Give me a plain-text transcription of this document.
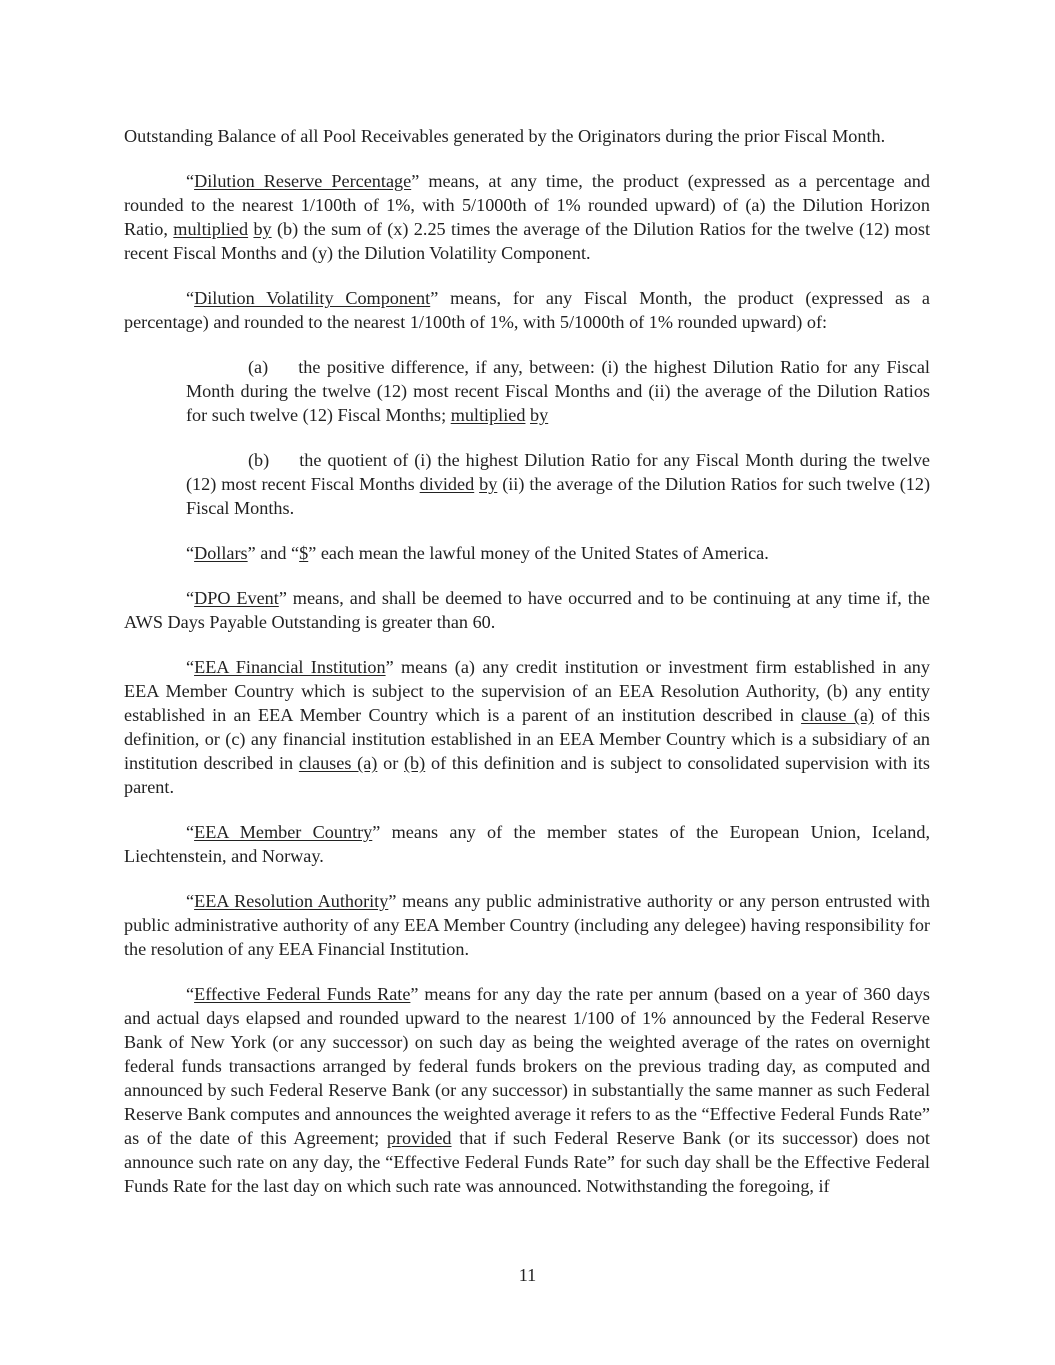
Outstanding Balance of all Pool Receivables generated by the Originators during the prior Fiscal Month.

“Dilution Reserve Percentage” means, at any time, the product (expressed as a percentage and rounded to the nearest 1/100th of 1%, with 5/1000th of 1% rounded upward) of (a) the Dilution Horizon Ratio, multiplied by (b) the sum of (x) 2.25 times the average of the Dilution Ratios for the twelve (12) most recent Fiscal Months and (y) the Dilution Volatility Component.

“Dilution Volatility Component” means, for any Fiscal Month, the product (expressed as a percentage) and rounded to the nearest 1/100th of 1%, with 5/1000th of 1% rounded upward) of:

(a) the positive difference, if any, between: (i) the highest Dilution Ratio for any Fiscal Month during the twelve (12) most recent Fiscal Months and (ii) the average of the Dilution Ratios for such twelve (12) Fiscal Months; multiplied by

(b) the quotient of (i) the highest Dilution Ratio for any Fiscal Month during the twelve (12) most recent Fiscal Months divided by (ii) the average of the Dilution Ratios for such twelve (12) Fiscal Months.

“Dollars” and “$” each mean the lawful money of the United States of America.

“DPO Event” means, and shall be deemed to have occurred and to be continuing at any time if, the AWS Days Payable Outstanding is greater than 60.

“EEA Financial Institution” means (a) any credit institution or investment firm established in any EEA Member Country which is subject to the supervision of an EEA Resolution Authority, (b) any entity established in an EEA Member Country which is a parent of an institution described in clause (a) of this definition, or (c) any financial institution established in an EEA Member Country which is a subsidiary of an institution described in clauses (a) or (b) of this definition and is subject to consolidated supervision with its parent.

“EEA Member Country” means any of the member states of the European Union, Iceland, Liechtenstein, and Norway.

“EEA Resolution Authority” means any public administrative authority or any person entrusted with public administrative authority of any EEA Member Country (including any delegee) having responsibility for the resolution of any EEA Financial Institution.

“Effective Federal Funds Rate” means for any day the rate per annum (based on a year of 360 days and actual days elapsed and rounded upward to the nearest 1/100 of 1% announced by the Federal Reserve Bank of New York (or any successor) on such day as being the weighted average of the rates on overnight federal funds transactions arranged by federal funds brokers on the previous trading day, as computed and announced by such Federal Reserve Bank (or any successor) in substantially the same manner as such Federal Reserve Bank computes and announces the weighted average it refers to as the “Effective Federal Funds Rate” as of the date of this Agreement; provided that if such Federal Reserve Bank (or its successor) does not announce such rate on any day, the “Effective Federal Funds Rate” for such day shall be the Effective Federal Funds Rate for the last day on which such rate was announced. Notwithstanding the foregoing, if

11
